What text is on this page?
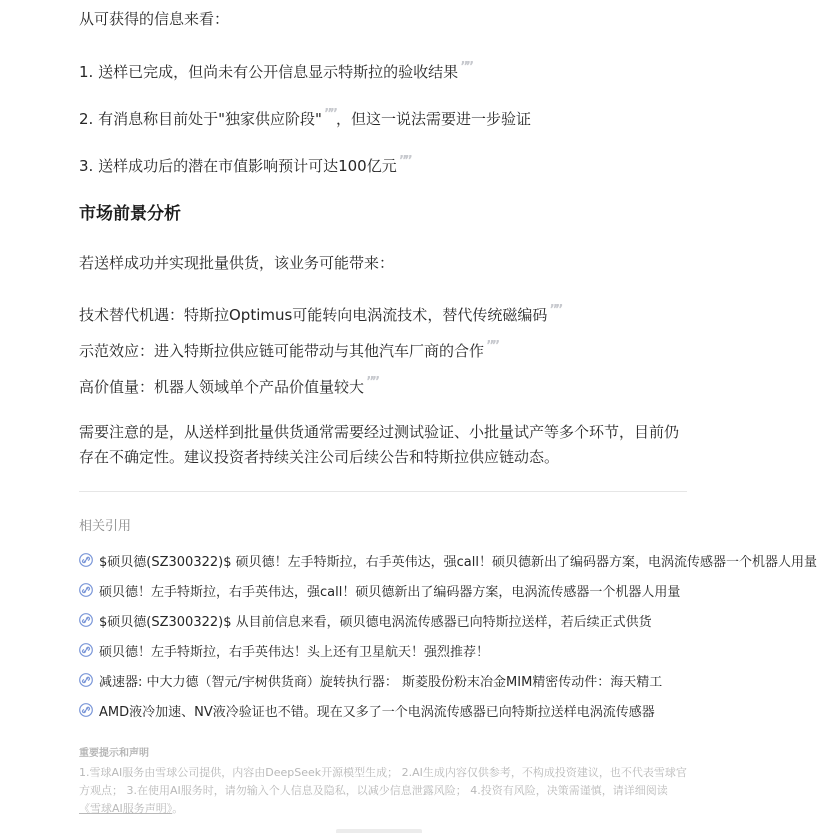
从可获得的信息来看：
1. 送样已完成，但尚未有公开信息显示特斯拉的验收结果 ””
2. 有消息称目前处于"独家供应阶段" ””，但这一说法需要进一步验证
3. 送样成功后的潜在市值影响预计可达100亿元 ””
市场前景分析
若送样成功并实现批量供货，该业务可能带来：
技术替代机遇：特斯拉Optimus可能转向电涡流技术，替代传统磁编码 ””
示范效应：进入特斯拉供应链可能带动与其他汽车厂商的合作 ””
高价值量：机器人领域单个产品价值量较大 ””
需要注意的是，从送样到批量供货通常需要经过测试验证、小批量试产等多个环节，目前仍存在不确定性。建议投资者持续关注公司后续公告和特斯拉供应链动态。
相关引用
$硕贝德(SZ300322)$ 硕贝德！左手特斯拉，右手英伟达，强call！硕贝德新出了编码器方案，电涡流传感器一个机器人用量
硕贝德！左手特斯拉，右手英伟达，强call！硕贝德新出了编码器方案，电涡流传感器一个机器人用量
$硕贝德(SZ300322)$ 从目前信息来看，硕贝德电涡流传感器已向特斯拉送样，若后续正式供货
硕贝德！左手特斯拉，右手英伟达！头上还有卫星航天！强烈推荐！
减速器: 中大力德（智元/宇树供货商）旋转执行器： 斯菱股份粉末冶金MIM精密传动件：海天精工
AMD液冷加速、NV液冷验证也不错。现在又多了一个电涡流传感器已向特斯拉送样电涡流传感器
重要提示和声明
1.雪球AI服务由雪球公司提供，内容由DeepSeek开源模型生成； 2.AI生成内容仅供参考，不构成投资建议，也不代表雪球官方观点； 3.在使用AI服务时，请勿输入个人信息及隐私，以减少信息泄露风险； 4.投资有风险，决策需谨慎，请详细阅读《雪球AI服务声明》。
